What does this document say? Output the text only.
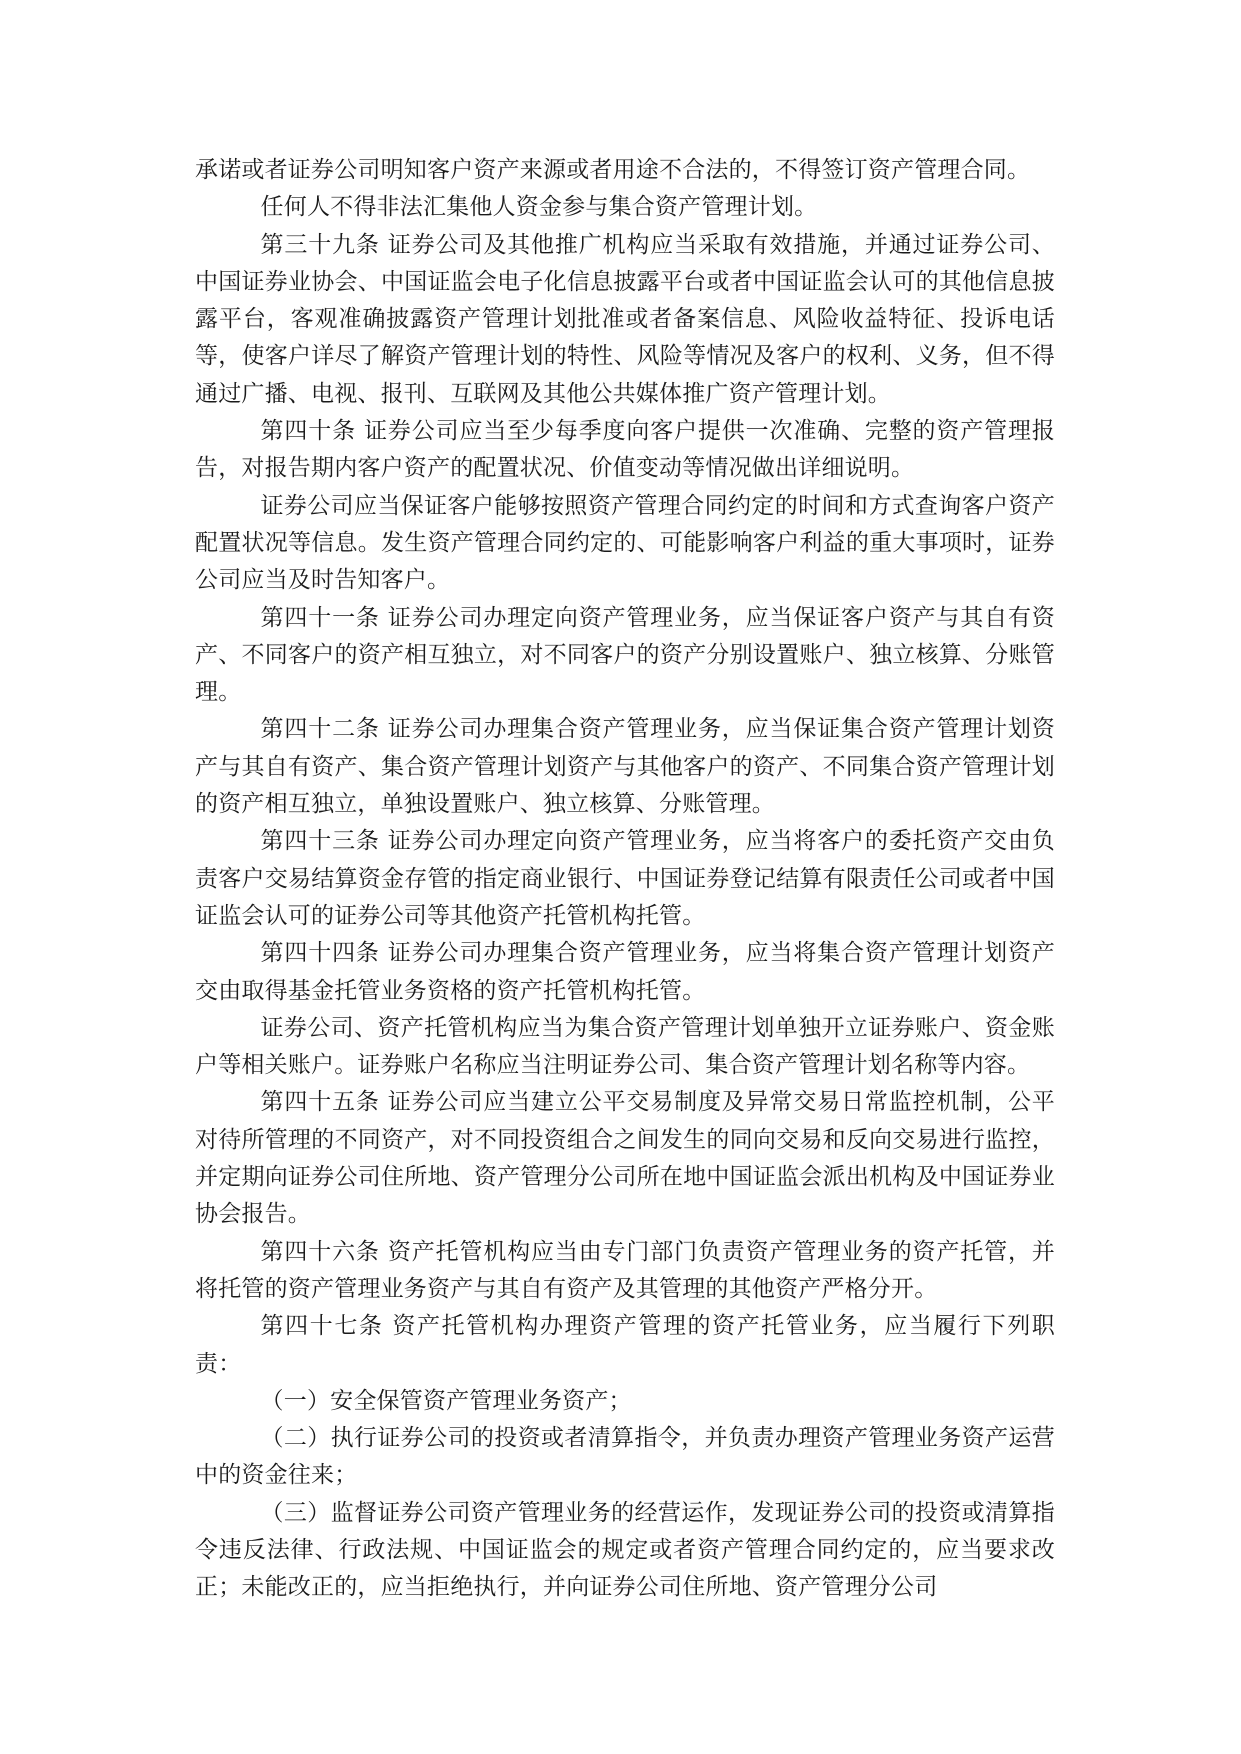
承诺或者证券公司明知客户资产来源或者用途不合法的，不得签订资产管理合同。

任何人不得非法汇集他人资金参与集合资产管理计划。

第三十九条 证券公司及其他推广机构应当采取有效措施，并通过证券公司、中国证券业协会、中国证监会电子化信息披露平台或者中国证监会认可的其他信息披露平台，客观准确披露资产管理计划批准或者备案信息、风险收益特征、投诉电话等，使客户详尽了解资产管理计划的特性、风险等情况及客户的权利、义务，但不得通过广播、电视、报刊、互联网及其他公共媒体推广资产管理计划。

第四十条 证券公司应当至少每季度向客户提供一次准确、完整的资产管理报告，对报告期内客户资产的配置状况、价值变动等情况做出详细说明。

证券公司应当保证客户能够按照资产管理合同约定的时间和方式查询客户资产配置状况等信息。发生资产管理合同约定的、可能影响客户利益的重大事项时，证券公司应当及时告知客户。

第四十一条 证券公司办理定向资产管理业务，应当保证客户资产与其自有资产、不同客户的资产相互独立，对不同客户的资产分别设置账户、独立核算、分账管理。

第四十二条 证券公司办理集合资产管理业务，应当保证集合资产管理计划资产与其自有资产、集合资产管理计划资产与其他客户的资产、不同集合资产管理计划的资产相互独立，单独设置账户、独立核算、分账管理。

第四十三条 证券公司办理定向资产管理业务，应当将客户的委托资产交由负责客户交易结算资金存管的指定商业银行、中国证券登记结算有限责任公司或者中国证监会认可的证券公司等其他资产托管机构托管。

第四十四条 证券公司办理集合资产管理业务，应当将集合资产管理计划资产交由取得基金托管业务资格的资产托管机构托管。

证券公司、资产托管机构应当为集合资产管理计划单独开立证券账户、资金账户等相关账户。证券账户名称应当注明证券公司、集合资产管理计划名称等内容。

第四十五条 证券公司应当建立公平交易制度及异常交易日常监控机制，公平对待所管理的不同资产，对不同投资组合之间发生的同向交易和反向交易进行监控，并定期向证券公司住所地、资产管理分公司所在地中国证监会派出机构及中国证券业协会报告。

第四十六条 资产托管机构应当由专门部门负责资产管理业务的资产托管，并将托管的资产管理业务资产与其自有资产及其管理的其他资产严格分开。

第四十七条 资产托管机构办理资产管理的资产托管业务，应当履行下列职责：

（一）安全保管资产管理业务资产；

（二）执行证券公司的投资或者清算指令，并负责办理资产管理业务资产运营中的资金往来；

（三）监督证券公司资产管理业务的经营运作，发现证券公司的投资或清算指令违反法律、行政法规、中国证监会的规定或者资产管理合同约定的，应当要求改正；未能改正的，应当拒绝执行，并向证券公司住所地、资产管理分公司
